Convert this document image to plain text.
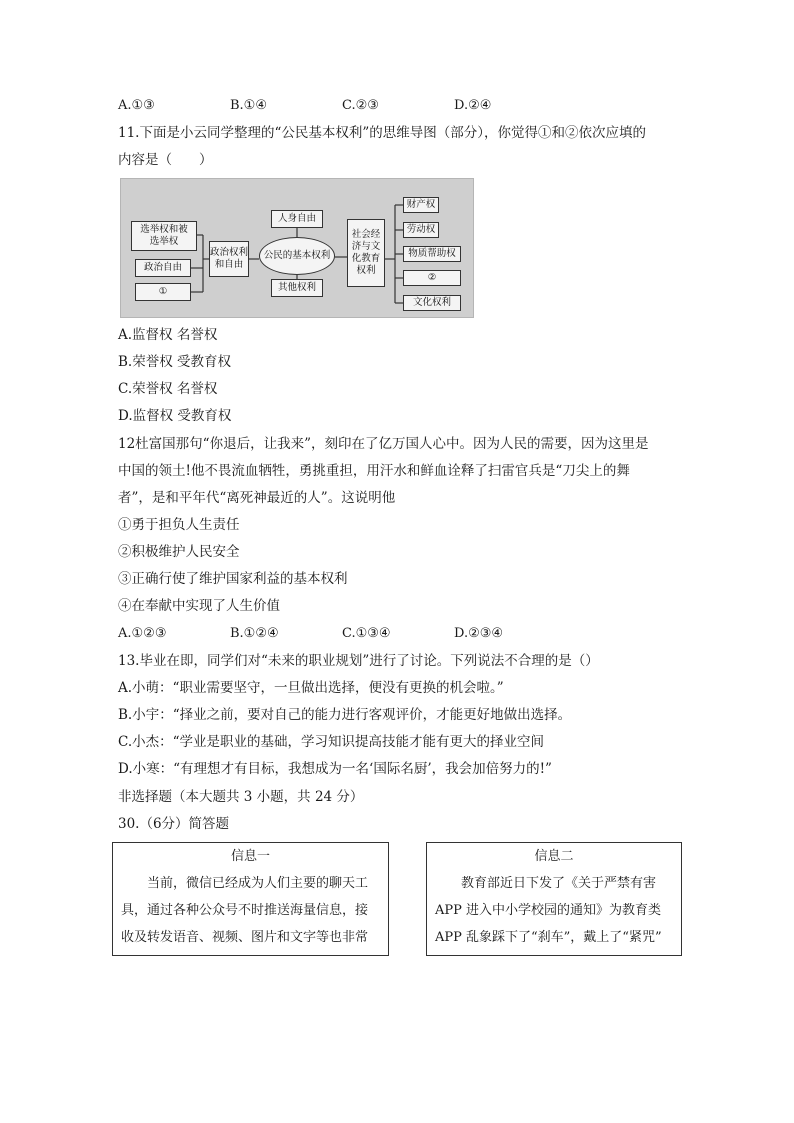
A.①③	B.①④	C.②③	D.②④
11.下面是小云同学整理的“公民基本权利”的思维导图（部分），你觉得①和②依次应填的
内容是（　　）
选举权和被选举权
政治自由
①
政治权利和自由
公民的基本权利
人身自由
其他权利
社会经济与文化教育权利
财产权
劳动权
物质帮助权
②
文化权利
A.监督权 名誉权
B.荣誉权 受教育权
C.荣誉权 名誉权
D.监督权 受教育权
12杜富国那句“你退后，让我来”，刻印在了亿万国人心中。因为人民的需要，因为这里是
中国的领土!他不畏流血牺牲，勇挑重担，用汗水和鲜血诠释了扫雷官兵是“刀尖上的舞
者”，是和平年代“离死神最近的人”。这说明他
①勇于担负人生责任
②积极维护人民安全
③正确行使了维护国家利益的基本权利
④在奉献中实现了人生价值
A.①②③	B.①②④	C.①③④	D.②③④
13.毕业在即，同学们对“未来的职业规划”进行了讨论。下列说法不合理的是（）
A.小萌：“职业需要坚守，一旦做出选择，便没有更换的机会啦。”
B.小宇：“择业之前，要对自己的能力进行客观评价，才能更好地做出选择。
C.小杰：“学业是职业的基础，学习知识提高技能才能有更大的择业空间
D.小寒：“有理想才有目标，我想成为一名‘国际名厨’，我会加倍努力的!”
非选择题（本大题共 3 小题，共 24 分）
30.（6分）简答题
信息一
　　当前，微信已经成为人们主要的聊天工
具，通过各种公众号不时推送海量信息，接
收及转发语音、视频、图片和文字等也非常
信息二
　　教育部近日下发了《关于严禁有害
APP 进入中小学校园的通知》为教育类
APP 乱象踩下了“刹车”，戴上了“紧咒”
